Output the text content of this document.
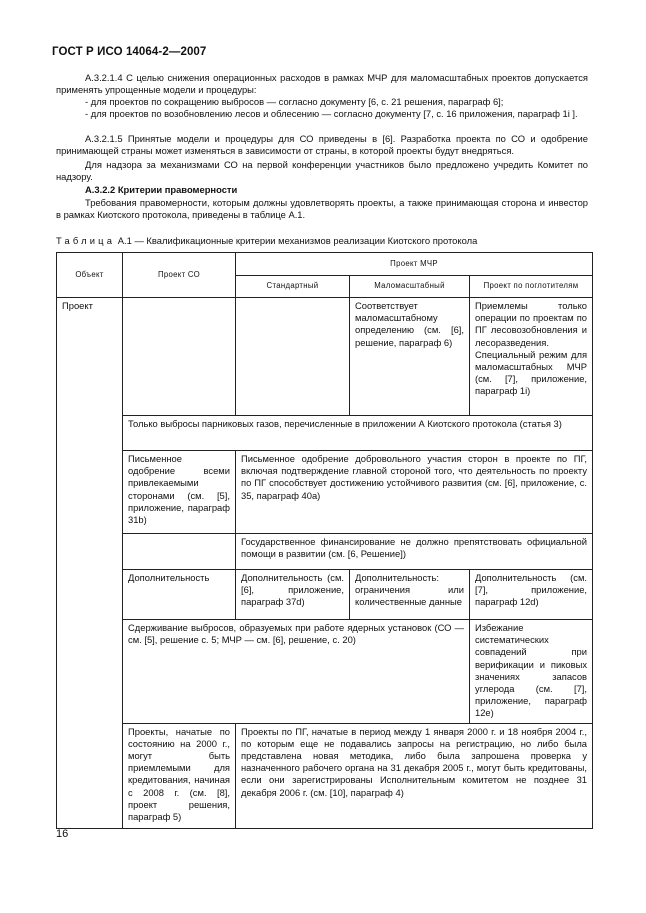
ГОСТ Р ИСО 14064-2—2007
А.3.2.1.4 С целью снижения операционных расходов в рамках МЧР для маломасштабных проектов допускается применять упрощенные модели и процедуры:
- для проектов по сокращению выбросов — согласно документу [6, с. 21 решения, параграф 6];
- для проектов по возобновлению лесов и облесению — согласно документу [7, с. 16 приложения, параграф 1i ].
А.3.2.1.5 Принятые модели и процедуры для СО приведены в [6]. Разработка проекта по СО и одобрение принимающей страны может изменяться в зависимости от страны, в которой проекты будут внедряться.
Для надзора за механизмами СО на первой конференции участников было предложено учредить Комитет по надзору.
А.3.2.2 Критерии правомерности
Требования правомерности, которым должны удовлетворять проекты, а также принимающая сторона и инвестор в рамках Киотского протокола, приведены в таблице А.1.
Таблица А.1 — Квалификационные критерии механизмов реализации Киотского протокола
Объект	Проект СО	Проект МЧР		
		Стандартный	Маломасштабный	Проект по поглотителям
Проект			Соответствует маломасштабному определению (см. [6], решение, параграф 6)	Приемлемы только операции по проектам по ПГ лесовозобновления и лесоразведения. Специальный режим для маломасштабных МЧР (см. [7], приложение, параграф 1i)
	Только выбросы парниковых газов, перечисленные в приложении А Киотского протокола (статья 3)			
	Письменное одобрение всеми привлекаемыми сторонами (см. [5], приложение, параграф 31b)	Письменное одобрение добровольного участия сторон в проекте по ПГ, включая подтверждение главной стороной того, что деятельность по проекту по ПГ способствует достижению устойчивого развития (см. [6], приложение, с. 35, параграф 40а)		
		Государственное финансирование не должно препятствовать официальной помощи в развитии (см. [6, Решение])		
	Дополнительность	Дополнительность (см. [6], приложение, параграф 37d)	Дополнительность: ограничения или количественные данные	Дополнительность (см. [7], приложение, параграф 12d)
	Сдерживание выбросов, образуемых при работе ядерных установок (СО — см. [5], решение с. 5; МЧР — см. [6], решение, с. 20)			Избежание систематических совпадений при верификации и пиковых значениях запасов углерода (см. [7], приложение, параграф 12е)
	Проекты, начатые по состоянию на 2000 г., могут быть приемлемыми для кредитования, начиная с 2008 г. (см. [8], проект решения, параграф 5)	Проекты по ПГ, начатые в период между 1 января 2000 г. и 18 ноября 2004 г., по которым еще не подавались запросы на регистрацию, но либо была представлена новая методика, либо была запрошена проверка у назначенного рабочего органа на 31 декабря 2005 г., могут быть кредитованы, если они зарегистрированы Исполнительным комитетом не позднее 31 декабря 2006 г. (см. [10], параграф 4)		
16
